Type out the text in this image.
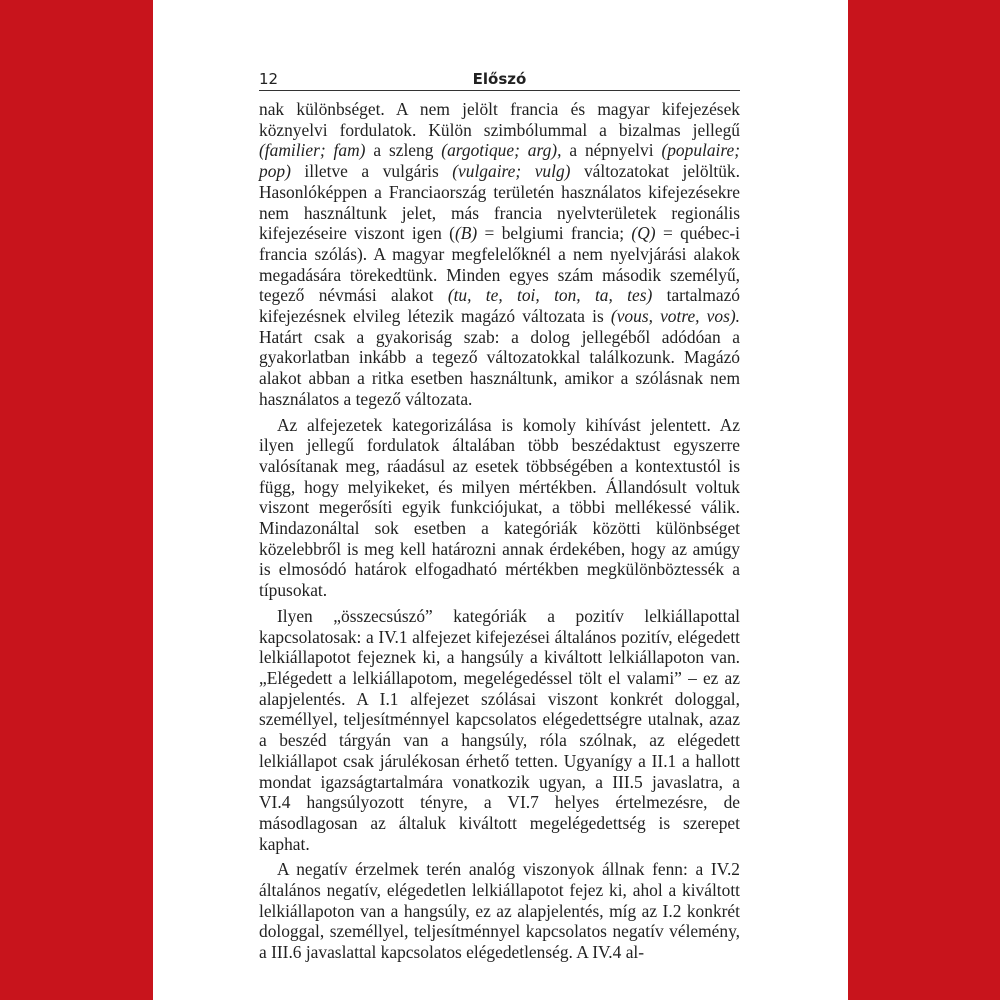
12	Előszó

nak különbséget. A nem jelölt francia és magyar kifejezések köznyelvi fordulatok. Külön szimbólummal a bizalmas jellegű (familier; fam) a szleng (argotique; arg), a népnyelvi (populaire; pop) illetve a vulgáris (vulgaire; vulg) változatokat jelöltük. Hasonlóképpen a Franciaország területén használatos kifejezésekre nem használtunk jelet, más francia nyelvterületek regionális kifejezéseire viszont igen ((B) = belgiumi francia; (Q) = québec-i francia szólás). A magyar megfelelőknél a nem nyelvjárási alakok megadására törekedtünk. Minden egyes szám második személyű, tegező névmási alakot (tu, te, toi, ton, ta, tes) tartalmazó kifejezésnek elvileg létezik magázó változata is (vous, votre, vos). Határt csak a gyakoriság szab: a dolog jellegéből adódóan a gyakorlatban inkább a tegező változatokkal találkozunk. Magázó alakot abban a ritka esetben használtunk, amikor a szólásnak nem használatos a tegező változata.

Az alfejezetek kategorizálása is komoly kihívást jelentett. Az ilyen jellegű fordulatok általában több beszédaktust egyszerre valósítanak meg, ráadásul az esetek többségében a kontextustól is függ, hogy melyikeket, és milyen mértékben. Állandósult voltuk viszont megerősíti egyik funkciójukat, a többi mellékessé válik. Mindazonáltal sok esetben a kategóriák közötti különbséget közelebbről is meg kell határozni annak érdekében, hogy az amúgy is elmosódó határok elfogadható mértékben megkülönböztessék a típusokat.

Ilyen „összecsúszó” kategóriák a pozitív lelkiállapottal kapcsolatosak: a IV.1 alfejezet kifejezései általános pozitív, elégedett lelkiállapotot fejeznek ki, a hangsúly a kiváltott lelkiállapoton van. „Elégedett a lelkiállapotom, megelégedéssel tölt el valami” – ez az alapjelentés. A I.1 alfejezet szólásai viszont konkrét dologgal, személlyel, teljesítménnyel kapcsolatos elégedettségre utalnak, azaz a beszéd tárgyán van a hangsúly, róla szólnak, az elégedett lelkiállapot csak járulékosan érhető tetten. Ugyanígy a II.1 a hallott mondat igazságtartalmára vonatkozik ugyan, a III.5 javaslatra, a VI.4 hangsúlyozott tényre, a VI.7 helyes értelmezésre, de másodlagosan az általuk kiváltott megelégedettség is szerepet kaphat.

A negatív érzelmek terén analóg viszonyok állnak fenn: a IV.2 általános negatív, elégedetlen lelkiállapotot fejez ki, ahol a kiváltott lelkiállapoton van a hangsúly, ez az alapjelentés, míg az I.2 konkrét dologgal, személlyel, teljesítménnyel kapcsolatos negatív vélemény, a III.6 javaslattal kapcsolatos elégedetlenség. A IV.4 al-
